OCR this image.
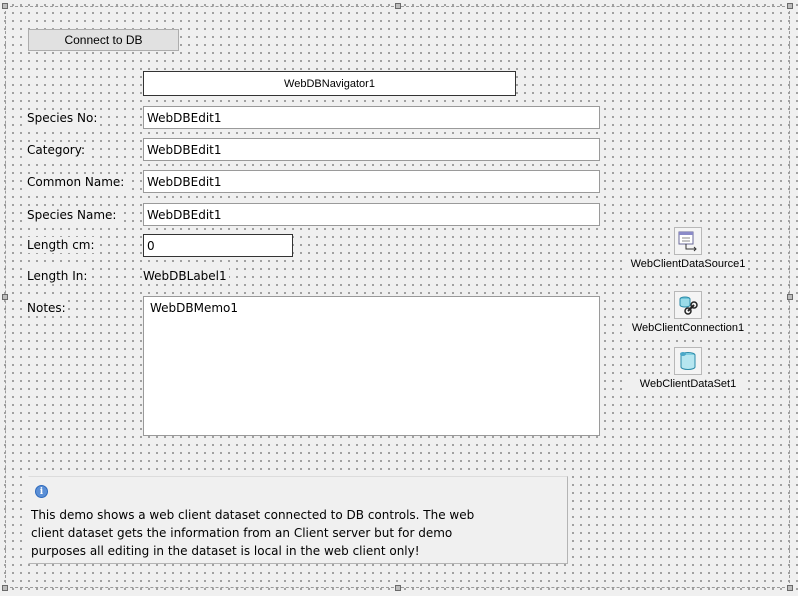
Connect to DB
WebDBNavigator1
Species No:	WebDBEdit1
Category:	WebDBEdit1
Common Name:	WebDBEdit1
Species Name:	WebDBEdit1
Length cm:	0
Length In:	WebDBLabel1
Notes:	WebDBMemo1
WebClientDataSource1
WebClientConnection1
WebClientDataSet1
i
This demo shows a web client dataset connected to DB controls. The web client dataset gets the information from an Client server but for demo purposes all editing in the dataset is local in the web client only!
